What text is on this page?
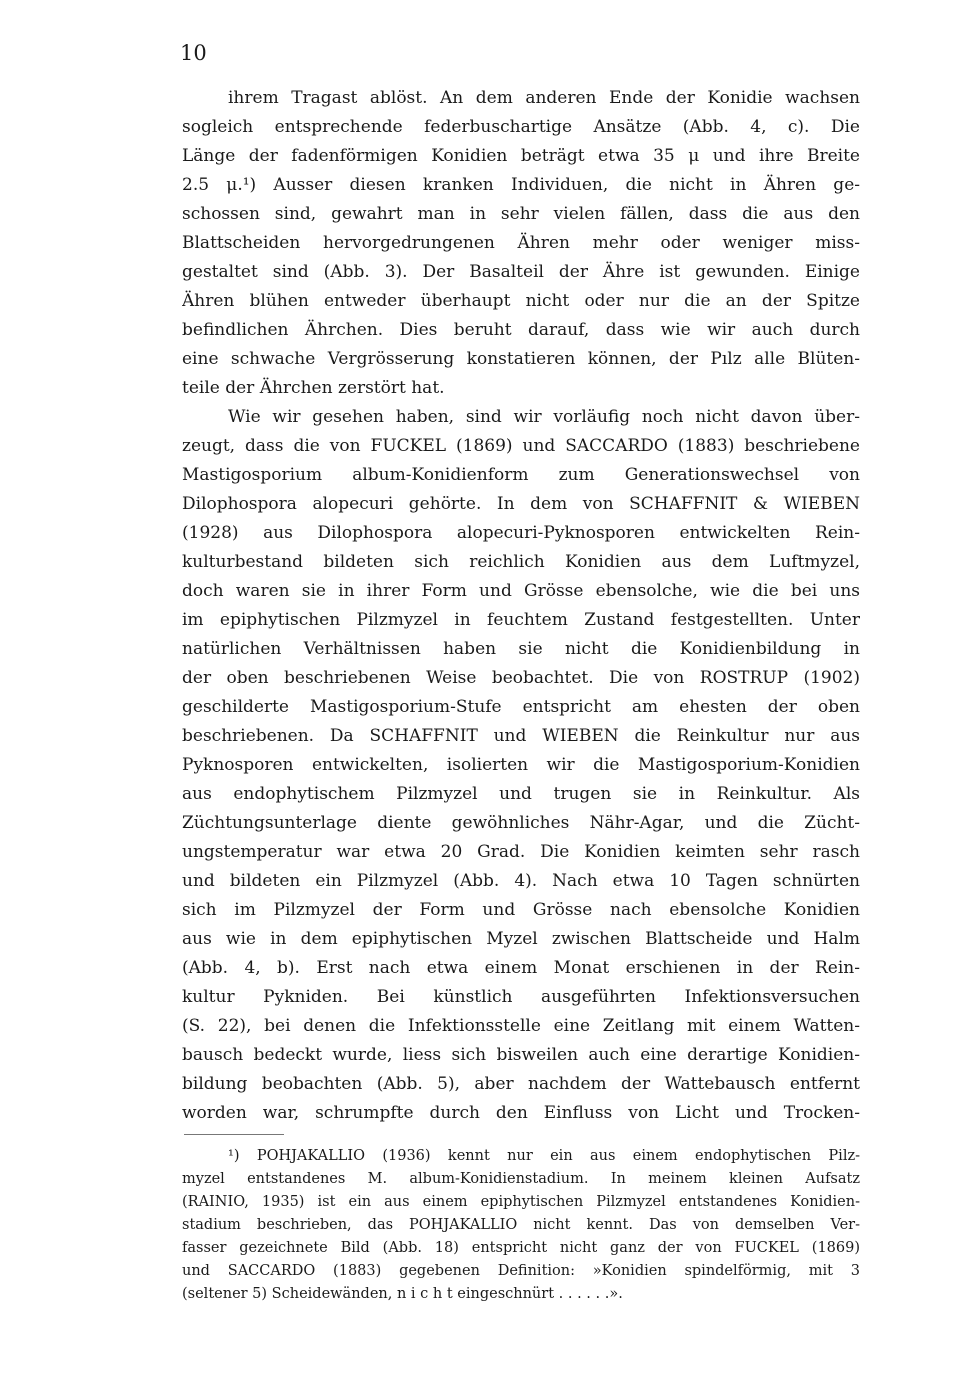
10
ihrem Tragast ablöst. An dem anderen Ende der Konidie wachsen
sogleich entsprechende federbuschartige Ansätze (Abb. 4, c). Die
Länge der fadenförmigen Konidien beträgt etwa 35 μ und ihre Breite
2.5 μ.¹) Ausser diesen kranken Individuen, die nicht in Ähren ge-
schossen sind, gewahrt man in sehr vielen fällen, dass die aus den
Blattscheiden hervorgedrungenen Ähren mehr oder weniger miss-
gestaltet sind (Abb. 3). Der Basalteil der Ähre ist gewunden. Einige
Ähren blühen entweder überhaupt nicht oder nur die an der Spitze
befindlichen Ährchen. Dies beruht darauf, dass wie wir auch durch
eine schwache Vergrösserung konstatieren können, der Pılz alle Blüten-
teile der Ährchen zerstört hat.
Wie wir gesehen haben, sind wir vorläufig noch nicht davon über-
zeugt, dass die von FUCKEL (1869) und SACCARDO (1883) beschriebene
Mastigosporium album-Konidienform zum Generationswechsel von
Dilophospora alopecuri gehörte. In dem von SCHAFFNIT & WIEBEN
(1928) aus Dilophospora alopecuri-Pyknosporen entwickelten Rein-
kulturbestand bildeten sich reichlich Konidien aus dem Luftmyzel,
doch waren sie in ihrer Form und Grösse ebensolche, wie die bei uns
im epiphytischen Pilzmyzel in feuchtem Zustand festgestellten. Unter
natürlichen Verhältnissen haben sie nicht die Konidienbildung in
der oben beschriebenen Weise beobachtet. Die von ROSTRUP (1902)
geschilderte Mastigosporium-Stufe entspricht am ehesten der oben
beschriebenen. Da SCHAFFNIT und WIEBEN die Reinkultur nur aus
Pyknosporen entwickelten, isolierten wir die Mastigosporium-Konidien
aus endophytischem Pilzmyzel und trugen sie in Reinkultur. Als
Züchtungsunterlage diente gewöhnliches Nähr-Agar, und die Zücht-
ungstemperatur war etwa 20 Grad. Die Konidien keimten sehr rasch
und bildeten ein Pilzmyzel (Abb. 4). Nach etwa 10 Tagen schnürten
sich im Pilzmyzel der Form und Grösse nach ebensolche Konidien
aus wie in dem epiphytischen Myzel zwischen Blattscheide und Halm
(Abb. 4, b). Erst nach etwa einem Monat erschienen in der Rein-
kultur Pykniden. Bei künstlich ausgeführten Infektionsversuchen
(S. 22), bei denen die Infektionsstelle eine Zeitlang mit einem Watten-
bausch bedeckt wurde, liess sich bisweilen auch eine derartige Konidien-
bildung beobachten (Abb. 5), aber nachdem der Wattebausch entfernt
worden war, schrumpfte durch den Einfluss von Licht und Trocken-
¹) POHJAKALLIO (1936) kennt nur ein aus einem endophytischen Pilz-
myzel entstandenes M. album-Konidienstadium. In meinem kleinen Aufsatz
(RAINIO, 1935) ist ein aus einem epiphytischen Pilzmyzel entstandenes Konidien-
stadium beschrieben, das POHJAKALLIO nicht kennt. Das von demselben Ver-
fasser gezeichnete Bild (Abb. 18) entspricht nicht ganz der von FUCKEL (1869)
und SACCARDO (1883) gegebenen Definition: »Konidien spindelförmig, mit 3
(seltener 5) Scheidewänden, n i c h t eingeschnürt . . . . . .».
